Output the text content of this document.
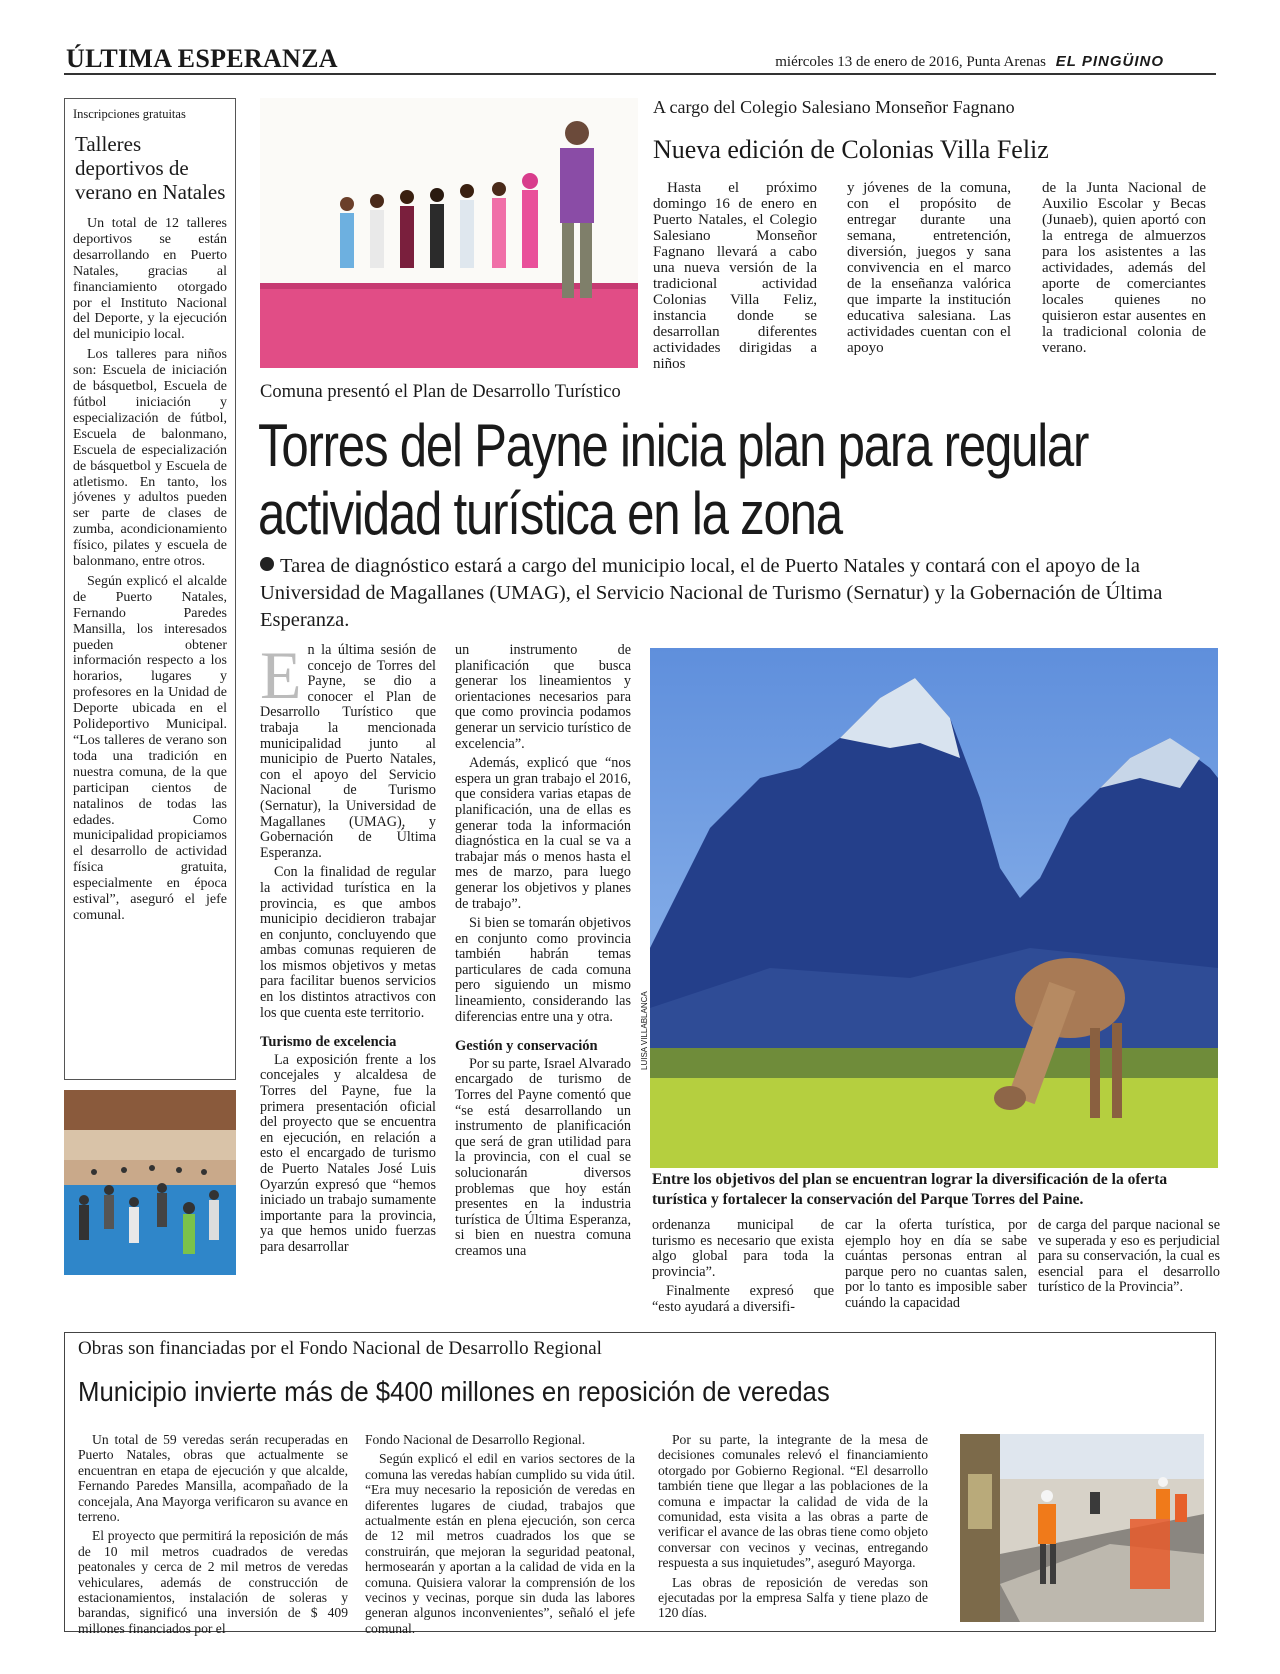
ÚLTIMA ESPERANZA	miércoles 13 de enero de 2016, Punta Arenas EL PINGÜINO
Inscripciones gratuitas
Talleres deportivos de verano en Natales

Un total de 12 talleres deportivos se están desarrollando en Puerto Natales, gracias al financiamiento otorgado por el Instituto Nacional del Deporte, y la ejecución del municipio local.

Los talleres para niños son: Escuela de iniciación de básquetbol, Escuela de fútbol iniciación y especialización de fútbol, Escuela de balonmano, Escuela de especialización de básquetbol y Escuela de atletismo. En tanto, los jóvenes y adultos pueden ser parte de clases de zumba, acondicionamiento físico, pilates y escuela de balonmano, entre otros.

Según explicó el alcalde de Puerto Natales, Fernando Paredes Mansilla, los interesados pueden obtener información respecto a los horarios, lugares y profesores en la Unidad de Deporte ubicada en el Polideportivo Municipal. “Los talleres de verano son toda una tradición en nuestra comuna, de la que participan cientos de natalinos de todas las edades. Como municipalidad propiciamos el desarrollo de actividad física gratuita, especialmente en época estival”, aseguró el jefe comunal.

A cargo del Colegio Salesiano Monseñor Fagnano
Nueva edición de Colonias Villa Feliz

Hasta el próximo domingo 16 de enero en Puerto Natales, el Colegio Salesiano Monseñor Fagnano llevará a cabo una nueva versión de la tradicional actividad Colonias Villa Feliz, instancia donde se desarrollan diferentes actividades dirigidas a niños

y jóvenes de la comuna, con el propósito de entregar durante una semana, entretención, diversión, juegos y sana convivencia en el marco de la enseñanza valórica que imparte la institución educativa salesiana. Las actividades cuentan con el apoyo

de la Junta Nacional de Auxilio Escolar y Becas (Junaeb), quien aportó con la entrega de almuerzos para los asistentes a las actividades, además del aporte de comerciantes locales quienes no quisieron estar ausentes en la tradicional colonia de verano.

Comuna presentó el Plan de Desarrollo Turístico
Torres del Payne inicia plan para regular actividad turística en la zona
Tarea de diagnóstico estará a cargo del municipio local, el de Puerto Natales y contará con el apoyo de la Universidad de Magallanes (UMAG), el Servicio Nacional de Turismo (Sernatur) y la Gobernación de Última Esperanza.

En la última sesión de concejo de Torres del Payne, se dio a conocer el Plan de Desarrollo Turístico que trabaja la mencionada municipalidad junto al municipio de Puerto Natales, con el apoyo del Servicio Nacional de Turismo (Sernatur), la Universidad de Magallanes (UMAG), y Gobernación de Última Esperanza.

Con la finalidad de regular la actividad turística en la provincia, es que ambos municipio decidieron trabajar en conjunto, concluyendo que ambas comunas requieren de los mismos objetivos y metas para facilitar buenos servicios en los distintos atractivos con los que cuenta este territorio.

Turismo de excelencia

La exposición frente a los concejales y alcaldesa de Torres del Payne, fue la primera presentación oficial del proyecto que se encuentra en ejecución, en relación a esto el encargado de turismo de Puerto Natales José Luis Oyarzún expresó que “hemos iniciado un trabajo sumamente importante para la provincia, ya que hemos unido fuerzas para desarrollar

un instrumento de planificación que busca generar los lineamientos y orientaciones necesarios para que como provincia podamos generar un servicio turístico de excelencia”.

Además, explicó que “nos espera un gran trabajo el 2016, que considera varias etapas de planificación, una de ellas es generar toda la información diagnóstica en la cual se va a trabajar más o menos hasta el mes de marzo, para luego generar los objetivos y planes de trabajo”.

Si bien se tomarán objetivos en conjunto como provincia también habrán temas particulares de cada comuna pero siguiendo un mismo lineamiento, considerando las diferencias entre una y otra.

Gestión y conservación

Por su parte, Israel Alvarado encargado de turismo de Torres del Payne comentó que “se está desarrollando un instrumento de planificación que será de gran utilidad para la provincia, con el cual se solucionarán diversos problemas que hoy están presentes en la industria turística de Última Esperanza, si bien en nuestra comuna creamos una

LUISA VILLABLANCA
Entre los objetivos del plan se encuentran lograr la diversificación de la oferta turística y fortalecer la conservación del Parque Torres del Paine.

ordenanza municipal de turismo es necesario que exista algo global para toda la provincia”.

Finalmente expresó que “esto ayudará a diversifi-

car la oferta turística, por ejemplo hoy en día se sabe cuántas personas entran al parque pero no cuantas salen, por lo tanto es imposible saber cuándo la capacidad

de carga del parque nacional se ve superada y eso es perjudicial para su conservación, la cual es esencial para el desarrollo turístico de la Provincia”.

Obras son financiadas por el Fondo Nacional de Desarrollo Regional
Municipio invierte más de $400 millones en reposición de veredas

Un total de 59 veredas serán recuperadas en Puerto Natales, obras que actualmente se encuentran en etapa de ejecución y que alcalde, Fernando Paredes Mansilla, acompañado de la concejala, Ana Mayorga verificaron su avance en terreno.

El proyecto que permitirá la reposición de más de 10 mil metros cuadrados de veredas peatonales y cerca de 2 mil metros de veredas vehiculares, además de construcción de estacionamientos, instalación de soleras y barandas, significó una inversión de $ 409 millones financiados por el

Fondo Nacional de Desarrollo Regional.

Según explicó el edil en varios sectores de la comuna las veredas habían cumplido su vida útil. “Era muy necesario la reposición de veredas en diferentes lugares de ciudad, trabajos que actualmente están en plena ejecución, son cerca de 12 mil metros cuadrados los que se construirán, que mejoran la seguridad peatonal, hermosearán y aportan a la calidad de vida en la comuna. Quisiera valorar la comprensión de los vecinos y vecinas, porque sin duda las labores generan algunos inconvenientes”, señaló el jefe comunal.

Por su parte, la integrante de la mesa de decisiones comunales relevó el financiamiento otorgado por Gobierno Regional. “El desarrollo también tiene que llegar a las poblaciones de la comuna e impactar la calidad de vida de la comunidad, esta visita a las obras a parte de verificar el avance de las obras tiene como objeto conversar con vecinos y vecinas, entregando respuesta a sus inquietudes”, aseguró Mayorga.

Las obras de reposición de veredas son ejecutadas por la empresa Salfa y tiene plazo de 120 días.
